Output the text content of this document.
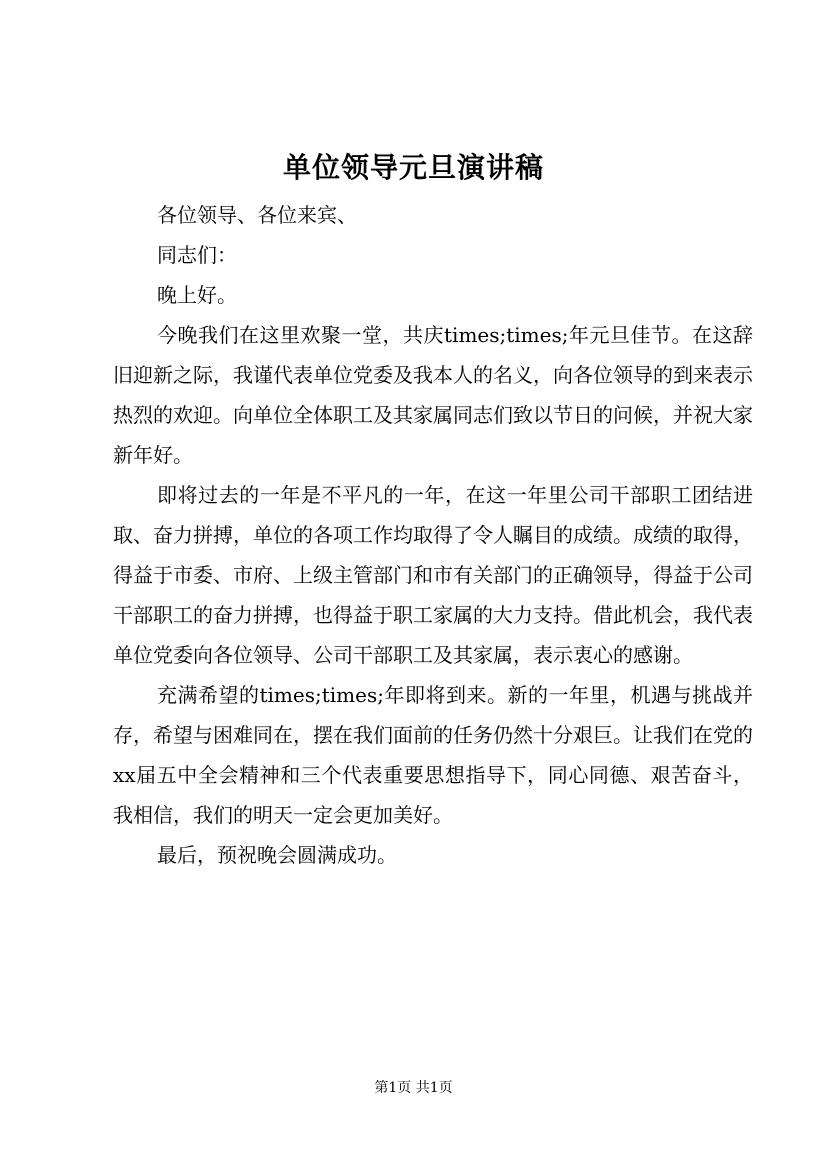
单位领导元旦演讲稿

各位领导、各位来宾、

同志们：

晚上好。

今晚我们在这里欢聚一堂，共庆times;times;年元旦佳节。在这辞旧迎新之际，我谨代表单位党委及我本人的名义，向各位领导的到来表示热烈的欢迎。向单位全体职工及其家属同志们致以节日的问候，并祝大家新年好。

即将过去的一年是不平凡的一年，在这一年里公司干部职工团结进取、奋力拼搏，单位的各项工作均取得了令人瞩目的成绩。成绩的取得，得益于市委、市府、上级主管部门和市有关部门的正确领导，得益于公司干部职工的奋力拼搏，也得益于职工家属的大力支持。借此机会，我代表单位党委向各位领导、公司干部职工及其家属，表示衷心的感谢。

充满希望的times;times;年即将到来。新的一年里，机遇与挑战并存，希望与困难同在，摆在我们面前的任务仍然十分艰巨。让我们在党的xx届五中全会精神和三个代表重要思想指导下，同心同德、艰苦奋斗，我相信，我们的明天一定会更加美好。

最后，预祝晚会圆满成功。

第1页 共1页
